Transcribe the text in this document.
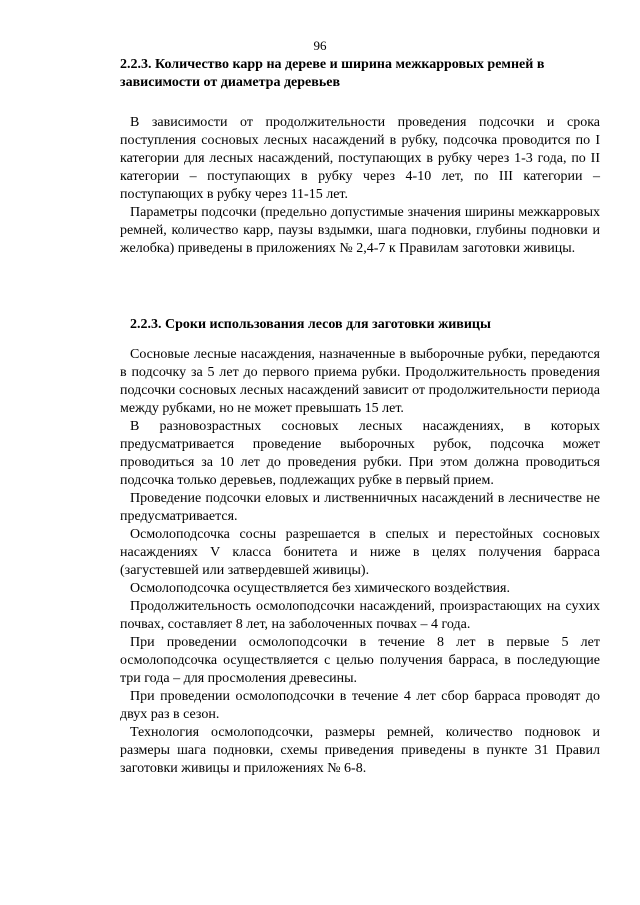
96
2.2.3. Количество карр на дереве и ширина межкарровых ремней в зависимости от диаметра деревьев

В зависимости от продолжительности проведения подсочки и срока поступления сосновых лесных насаждений в рубку, подсочка проводится по I категории для лесных насаждений, поступающих в рубку через 1-3 года, по II категории – поступающих в рубку через 4-10 лет, по III категории – поступающих в рубку через 11-15 лет.

Параметры подсочки (предельно допустимые значения ширины межкарровых ремней, количество карр, паузы вздымки, шага подновки, глубины подновки и желобка) приведены в приложениях № 2,4-7 к Правилам заготовки живицы.

2.2.3. Сроки использования лесов для заготовки живицы

Сосновые лесные насаждения, назначенные в выборочные рубки, передаются в подсочку за 5 лет до первого приема рубки. Продолжительность проведения подсочки сосновых лесных насаждений зависит от продолжительности периода между рубками, но не может превышать 15 лет.

В разновозрастных сосновых лесных насаждениях, в которых предусматривается проведение выборочных рубок, подсочка может проводиться за 10 лет до проведения рубки. При этом должна проводиться подсочка только деревьев, подлежащих рубке в первый прием.

Проведение подсочки еловых и лиственничных насаждений в лесничестве не предусматривается.

Осмолоподсочка сосны разрешается в спелых и перестойных сосновых насаждениях V класса бонитета и ниже в целях получения барраса (загустевшей или затвердевшей живицы).

Осмолоподсочка осуществляется без химического воздействия.

Продолжительность осмолоподсочки насаждений, произрастающих на сухих почвах, составляет 8 лет, на заболоченных почвах – 4 года.

При проведении осмолоподсочки в течение 8 лет в первые 5 лет осмолоподсочка осуществляется с целью получения барраса, в последующие три года – для просмоления древесины.

При проведении осмолоподсочки в течение 4 лет сбор барраса проводят до двух раз в сезон.

Технология осмолоподсочки, размеры ремней, количество подновок и размеры шага подновки, схемы приведения приведены в пункте 31 Правил заготовки живицы и приложениях № 6-8.
